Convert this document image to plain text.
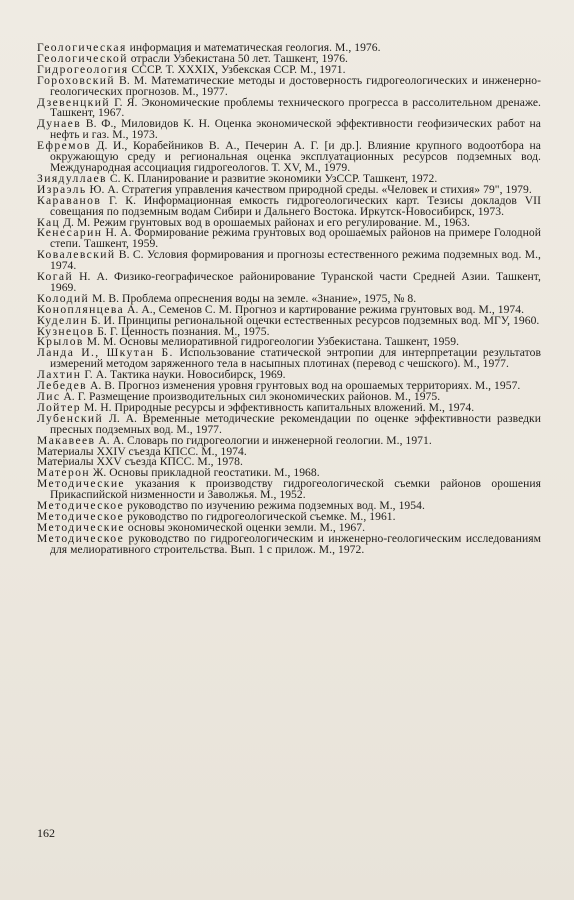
Геологическая информация и математическая геология. М., 1976.

Геологической отрасли Узбекистана 50 лет. Ташкент, 1976.

Гидрогеология СССР. Т. XXXIX, Узбекская ССР. М., 1971.

Гороховский В. М. Математические методы и достоверность гидрогеологических и инженерно-геологических прогнозов. М., 1977.

Дзевенцкий Г. Я. Экономические проблемы технического прогресса в расcолительном дренаже. Ташкент, 1967.

Дунаев В. Ф., Миловидов К. Н. Оценка экономической эффективности геофизических работ на нефть и газ. М., 1973.

Ефремов Д. И., Корабейников В. А., Печерин А. Г. [и др.]. Влияние крупного водоотбора на окружающую среду и региональная оценка эксплуатационных ресурсов подземных вод. Международная ассоциация гидрогеологов. Т. XV, М., 1979.

Зиядуллаев С. К. Планирование и развитие экономики УзССР. Ташкент, 1972.

Израэль Ю. А. Стратегия управления качеством природной среды. «Человек и стихия» 79", 1979.

Караванов Г. К. Информационная емкость гидрогеологических карт. Тезисы докладов VII совещания по подземным водам Сибири и Дальнего Востока. Иркутск-Новосибирск, 1973.

Кац Д. М. Режим грунтовых вод в орошаемых районах и его регулирование. М., 1963.

Кенесарин Н. А. Формирование режима грунтовых вод орошаемых районов на примере Голодной степи. Ташкент, 1959.

Ковалевский В. С. Условия формирования и прогнозы естественного режима подземных вод. М., 1974.

Когай Н. А. Физико-географическое районирование Туранской части Средней Азии. Ташкент, 1969.

Колодий М. В. Проблема опреснения воды на земле. «Знание», 1975, № 8.

Коноплянцева А. А., Семенов С. М. Прогноз и картирование режима грунтовых вод. М., 1974.

Куделин Б. И. Принципы региональной оцечки естественных ресурсов подземных вод. МГУ, 1960.

Кузнецов Б. Г. Ценность познания. М., 1975.

Крылов М. М. Основы мелиоративной гидрогеологии Узбекистана. Ташкент, 1959.

Ланда И., Шкутан Б. Использование статической энтропии для интерпретации результатов измерений методом заряженного тела в насыпных плотинах (перевод с чешского). М., 1977.

Лахтин Г. А. Тактика науки. Новосибирск, 1969.

Лебедев А. В. Прогноз изменения уровня грунтовых вод на орошаемых территориях. М., 1957.

Лис А. Г. Размещение производительных сил экономических районов. М., 1975.

Лойтер М. Н. Природные ресурсы и эффективность капитальных вложений. М., 1974.

Лубенский Л. А. Временные методические рекомендации по оценке эффективности разведки пресных подземных вод. М., 1977.

Макавеев А. А. Словарь по гидрогеологии и инженерной геологии. М., 1971.

Материалы XXIV съезда КПСС. М., 1974.

Материалы XXV съезда КПСС. М., 1978.

Матерон Ж. Основы прикладной геостатики. М., 1968.

Методические указания к производству гидрогеологической съемки районов орошения Прикаспийской низменности и Заволжья. М., 1952.

Методическое руководство по изучению режима подземных вод. М., 1954.

Методическое руководство по гидрогеологической съемке. М., 1961.

Методические основы экономической оценки земли. М., 1967.

Методическое руководство по гидрогеологическим и инженерно-геологическим исследованиям для мелиоративного строительства. Вып. 1 с прилож. М., 1972.

162
